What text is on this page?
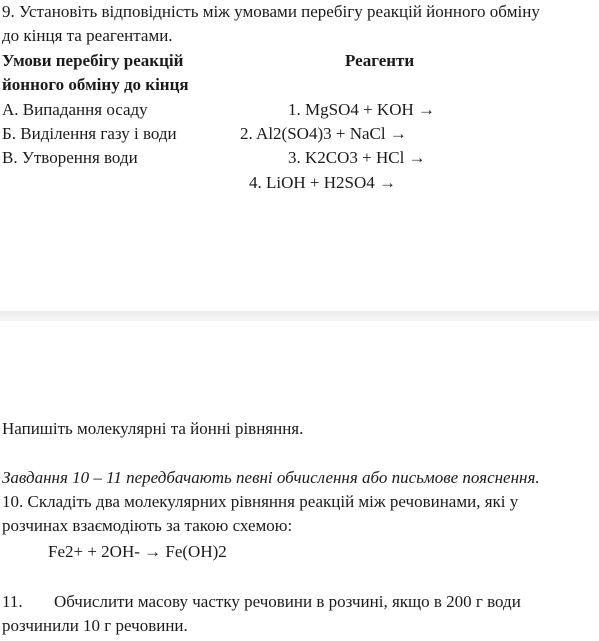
9. Установіть відповідність між умовами перебігу реакцій йонного обміну
до кінця та реагентами.
Умови перебігу реакцій	Реагенти
йонного обміну до кінця
А. Випадання осаду	1. MgSO4 + KOH →
Б. Виділення газу і води	2. Al2(SO4)3 + NaCl →
В. Утворення води	3. K2CO3 + HCl →
4. LiOH + H2SO4 →
Напишіть молекулярні та йонні рівняння.
Завдання 10 – 11 передбачають певні обчислення або письмове пояснення.
10. Складіть два молекулярних рівняння реакцій між речовинами, які у
розчинах взаємодіють за такою схемою:
Fe2+ + 2OH- → Fe(OH)2
11. Обчислити масову частку речовини в розчині, якщо в 200 г води
розчинили 10 г речовини.
